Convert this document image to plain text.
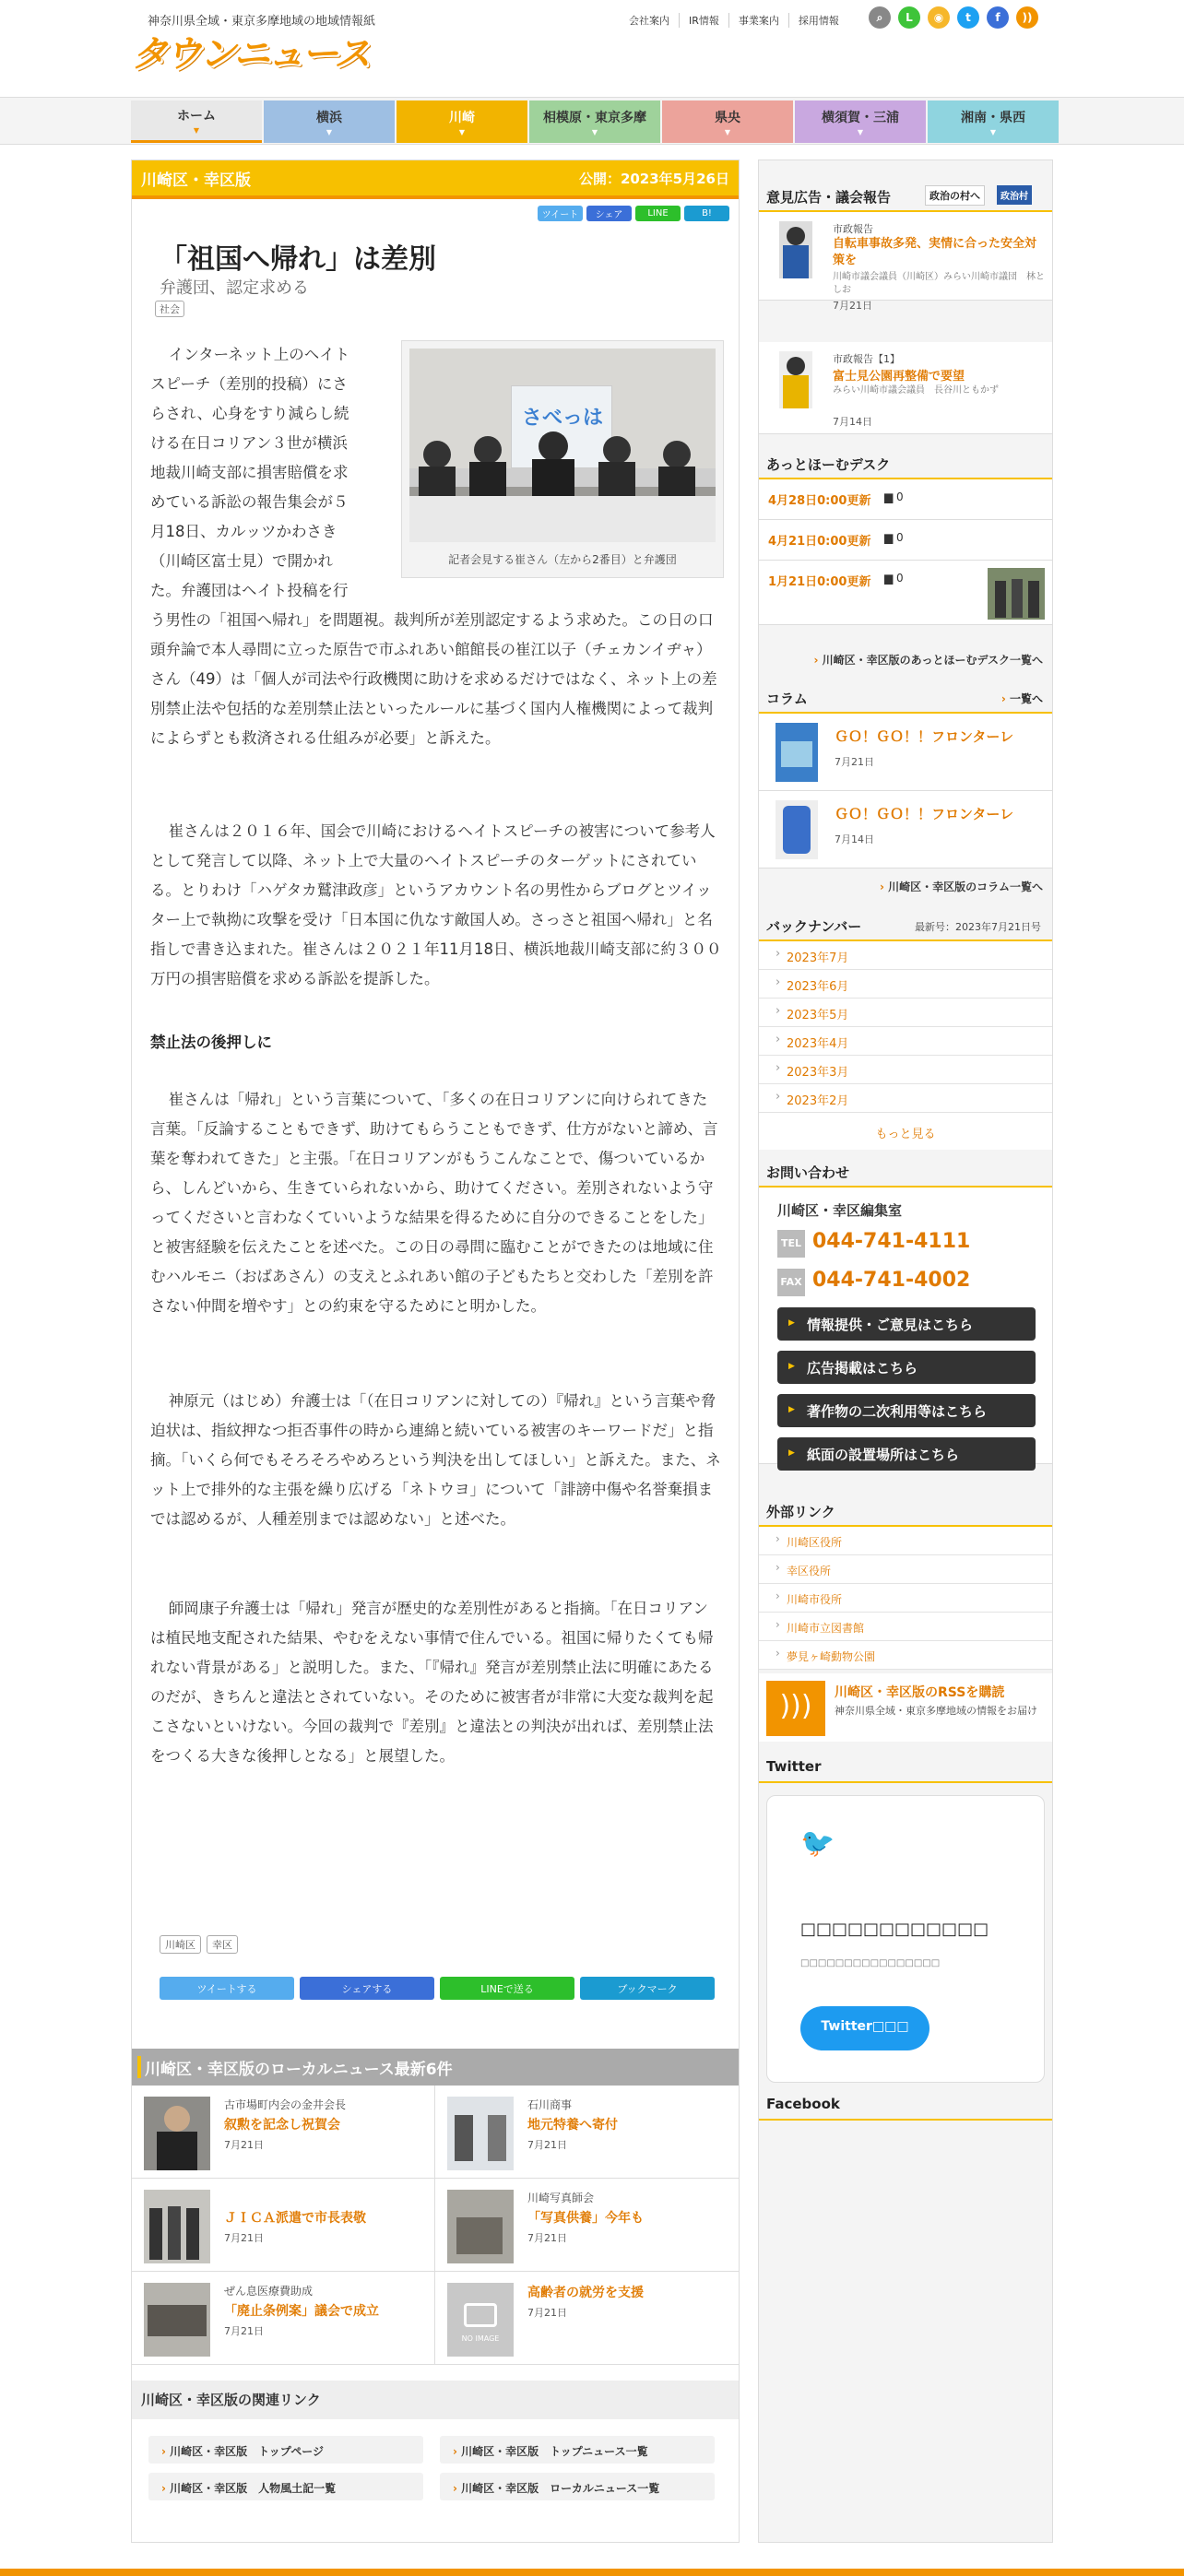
神奈川県全域・東京多摩地域の地域情報紙
タウンニュース
会社案内	IR情報	事業案内	採用情報	⌕	L	◉	t	f	))
ホーム
▼
横浜
▼
川崎
▼
相模原・東京多摩
▼
県央
▼
横須賀・三浦
▼
湘南・県西
▼
川崎区・幸区版	公開：2023年5月26日
ツイート	シェア	LINE	B!
「祖国へ帰れ」は差別
弁護団、認定求める
社会
さべっは
記者会見する崔さん（左から2番目）と弁護団
インターネット上のヘイト
スピーチ（差別的投稿）にさ
らされ、心身をすり減らし続
ける在日コリアン３世が横浜
地裁川崎支部に損害賠償を求
めている訴訟の報告集会が５
月18日、カルッツかわさき
（川崎区富士見）で開かれ
た。弁護団はヘイト投稿を行
う男性の「祖国へ帰れ」を問題視。裁判所が差別認定するよう求めた。この日の口頭弁論で本人尋問に立った原告で市ふれあい館館長の崔江以子（チェカンイヂャ）さん（49）は「個人が司法や行政機関に助けを求めるだけではなく、ネット上の差別禁止法や包括的な差別禁止法といったルールに基づく国内人権機関によって裁判によらずとも救済される仕組みが必要」と訴えた。

崔さんは２０１６年、国会で川崎におけるヘイトスピーチの被害について参考人として発言して以降、ネット上で大量のヘイトスピーチのターゲットにされている。とりわけ「ハゲタカ鷲津政彦」というアカウント名の男性からブログとツイッター上で執拗に攻撃を受け「日本国に仇なす敵国人め。さっさと祖国へ帰れ」と名指しで書き込まれた。崔さんは２０２１年11月18日、横浜地裁川崎支部に約３００万円の損害賠償を求める訴訟を提訴した。

禁止法の後押しに

崔さんは「帰れ」という言葉について、「多くの在日コリアンに向けられてきた言葉。「反論することもできず、助けてもらうこともできず、仕方がないと諦め、言葉を奪われてきた」と主張。「在日コリアンがもうこんなことで、傷ついているから、しんどいから、生きていられないから、助けてください。差別されないよう守ってくださいと言わなくていいような結果を得るために自分のできることをした」と被害経験を伝えたことを述べた。この日の尋問に臨むことができたのは地域に住むハルモニ（おばあさん）の支えとふれあい館の子どもたちと交わした「差別を許さない仲間を増やす」との約束を守るためにと明かした。

神原元（はじめ）弁護士は「（在日コリアンに対しての）『帰れ』という言葉や脅迫状は、指紋押なつ拒否事件の時から連綿と続いている被害のキーワードだ」と指摘。「いくら何でもそろそろやめろという判決を出してほしい」と訴えた。また、ネット上で排外的な主張を繰り広げる「ネトウヨ」について「誹謗中傷や名誉棄損までは認めるが、人種差別までは認めない」と述べた。

師岡康子弁護士は「帰れ」発言が歴史的な差別性があると指摘。「在日コリアンは植民地支配された結果、やむをえない事情で住んでいる。祖国に帰りたくても帰れない背景がある」と説明した。また、「『帰れ』発言が差別禁止法に明確にあたるのだが、きちんと違法とされていない。そのために被害者が非常に大変な裁判を起こさないといけない。今回の裁判で『差別』と違法との判決が出れば、差別禁止法をつくる大きな後押しとなる」と展望した。

川崎区	幸区
ツイートする	シェアする	LINEで送る	ブックマーク
川崎区・幸区版のローカルニュース最新6件
古市場町内会の金井会長
叙勲を記念し祝賀会
7月21日
石川商事
地元特養へ寄付
7月21日
ＪＩＣＡ派遣で市長表敬
7月21日
川崎写真師会
「写真供養」今年も
7月21日
ぜん息医療費助成
「廃止条例案」議会で成立
7月21日
NO IMAGE
高齢者の就労を支援
7月21日
川崎区・幸区版の関連リンク
› 川崎区・幸区版　トップページ	› 川崎区・幸区版　トップニュース一覧
› 川崎区・幸区版　人物風土記一覧	› 川崎区・幸区版　ローカルニュース一覧
意見広告・議会報告	政治の村へ	政治村
市政報告
自転車事故多発、実情に合った安全対策を
川崎市議会議員（川崎区）みらい川崎市議団　林としお
7月21日
市政報告【1】
富士見公園再整備で要望
みらい川崎市議会議員　長谷川ともかず
7月14日
あっとほーむデスク
4月28日0:00更新 ▆ 0
4月21日0:00更新 ▆ 0
1月21日0:00更新 ▆ 0
› 川崎区・幸区版のあっとほーむデスク一覧へ
コラム	› 一覧へ
ＧＯ！ＧＯ！！フロンターレ
7月21日
ＧＯ！ＧＯ！！フロンターレ
7月14日
› 川崎区・幸区版のコラム一覧へ
バックナンバー	最新号：2023年7月21日号
› 2023年7月
› 2023年6月
› 2023年5月
› 2023年4月
› 2023年3月
› 2023年2月
もっと見る
お問い合わせ
川崎区・幸区編集室
TEL 044-741-4111
FAX 044-741-4002
▶ 情報提供・ご意見はこちら
▶ 広告掲載はこちら
▶ 著作物の二次利用等はこちら
▶ 紙面の設置場所はこちら
外部リンク
› 川崎区役所
› 幸区役所
› 川崎市役所
› 川崎市立図書館
› 夢見ヶ崎動物公園
)))	川崎区・幸区版のRSSを購読
神奈川県全域・東京多摩地域の情報をお届け
Twitter
🐦
□□□□□□□□□□□□
□□□□□□□□□□□□□□□□
Twitter□□□
Facebook
